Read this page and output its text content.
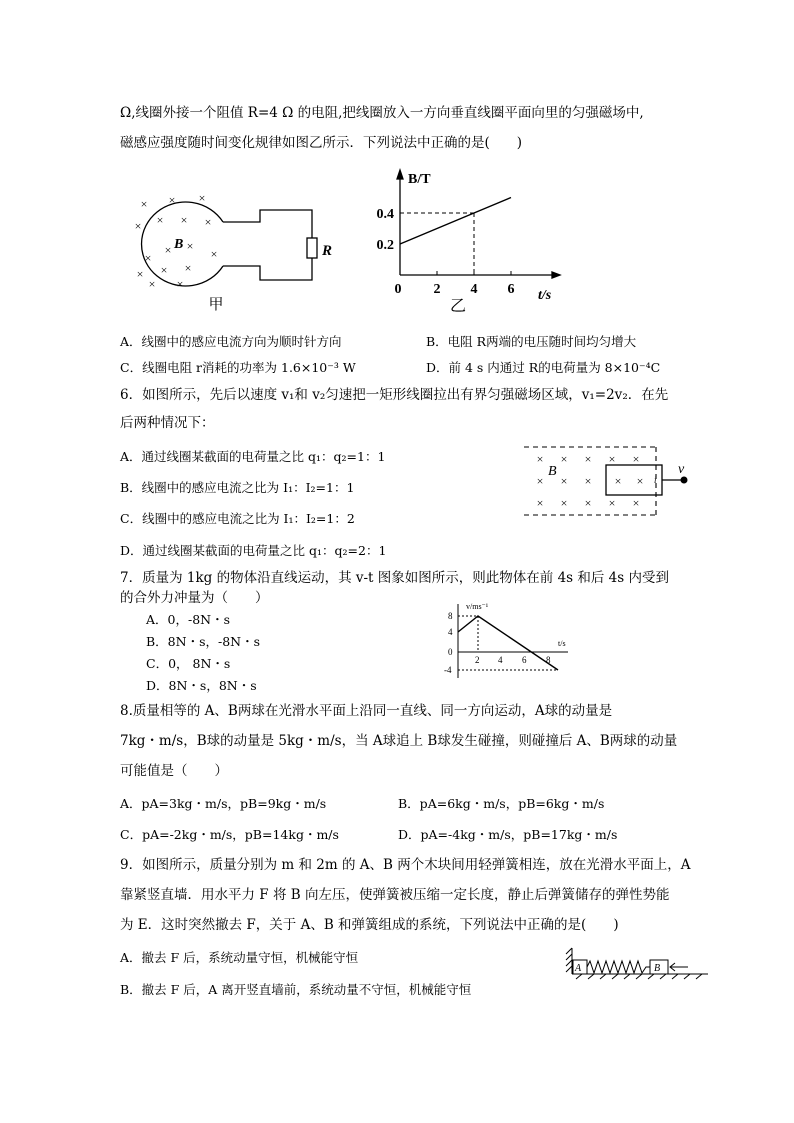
Ω,线圈外接一个阻值 R=4 Ω 的电阻,把线圈放入一方向垂直线圈平面向里的匀强磁场中,
磁感应强度随时间变化规律如图乙所示．下列说法中正确的是(　　)
× × ×
× × × ×
×
× ×
×
× × ×
× ×
B	R
甲
B/T
t/s
0
乙
2 4 6
0.2
0.4
A．线圈中的感应电流方向为顺时针方向	B．电阻 R两端的电压随时间均匀增大
C．线圈电阻 r消耗的功率为 1.6×10⁻³ W	D．前 4 s 内通过 R的电荷量为 8×10⁻⁴C
6．如图所示，先后以速度 v₁和 v₂匀速把一矩形线圈拉出有界匀强磁场区域，v₁=2v₂．在先
后两种情况下：
A．通过线圈某截面的电荷量之比 q₁：q₂=1：1
B．线圈中的感应电流之比为 I₁：I₂=1：1
C．线圈中的感应电流之比为 I₁：I₂=1：2
D．通过线圈某截面的电荷量之比 q₁：q₂=2：1
× × × × ×
× × × × ×
× × × × ×
B
i
v
7．质量为 1kg 的物体沿直线运动，其 v-t 图象如图所示，则此物体在前 4s 和后 4s 内受到
的合外力冲量为（　　）
A．0，-8N・s
B．8N・s，-8N・s
C．0， 8N・s
D．8N・s，8N・s
v/ms⁻¹
t/s
8
4
0
-4
2 4 6 8
8.质量相等的 A、B两球在光滑水平面上沿同一直线、同一方向运动，A球的动量是
7kg・m/s，B球的动量是 5kg・m/s，当 A球追上 B球发生碰撞，则碰撞后 A、B两球的动量
可能值是（　　）
A．pA=3kg・m/s，pB=9kg・m/s	B．pA=6kg・m/s，pB=6kg・m/s
C．pA=-2kg・m/s，pB=14kg・m/s	D．pA=-4kg・m/s，pB=17kg・m/s
9．如图所示，质量分别为 m 和 2m 的 A、B 两个木块间用轻弹簧相连，放在光滑水平面上，A
靠紧竖直墙．用水平力 F 将 B 向左压，使弹簧被压缩一定长度，静止后弹簧储存的弹性势能
为 E．这时突然撤去 F，关于 A、B 和弹簧组成的系统，下列说法中正确的是(　　)
A．撤去 F 后，系统动量守恒，机械能守恒
B．撤去 F 后，A 离开竖直墙前，系统动量不守恒，机械能守恒
A	B
